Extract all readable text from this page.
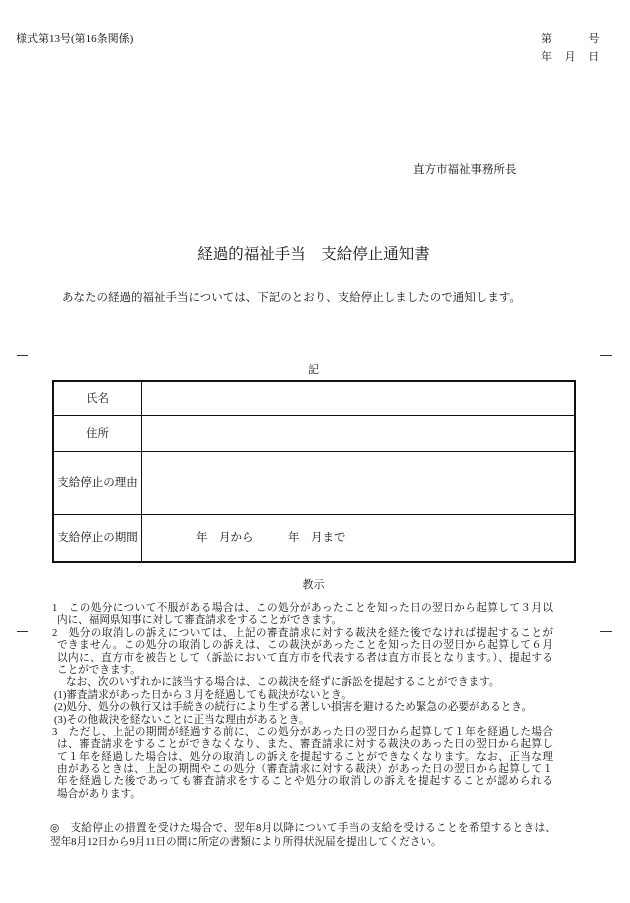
様式第13号(第16条関係)	第　　号
年　月　日
直方市福祉事務所長
経過的福祉手当　支給停止通知書
あなたの経過的福祉手当については、下記のとおり、支給停止しましたので通知します。
記
氏名
住所
支給停止の理由
支給停止の期間	年　月から	年　月まで
教示
1　この処分について不服がある場合は、この処分があったことを知った日の翌日から起算して３月以
内に、福岡県知事に対して審査請求をすることができます。
2　処分の取消しの訴えについては、上記の審査請求に対する裁決を経た後でなければ提起することが
できません。この処分の取消しの訴えは、この裁決があったことを知った日の翌日から起算して６月
以内に、直方市を被告として（訴訟において直方市を代表する者は直方市長となります。）、提起する
ことができます。
なお、次のいずれかに該当する場合は、この裁決を経ずに訴訟を提起することができます。
(1)審査請求があった日から３月を経過しても裁決がないとき。
(2)処分、処分の執行又は手続きの続行により生ずる著しい損害を避けるため緊急の必要があるとき。
(3)その他裁決を経ないことに正当な理由があるとき。
3　ただし、上記の期間が経過する前に、この処分があった日の翌日から起算して１年を経過した場合
は、審査請求をすることができなくなり、また、審査請求に対する裁決のあった日の翌日から起算し
て１年を経過した場合は、処分の取消しの訴えを提起することができなくなります。なお、正当な理
由があるときは、上記の期間やこの処分（審査請求に対する裁決）があった日の翌日から起算して１
年を経過した後であっても審査請求をすることや処分の取消しの訴えを提起することが認められる
場合があります。
◎　支給停止の措置を受けた場合で、翌年8月以降について手当の支給を受けることを希望するときは、
翌年8月12日から9月11日の間に所定の書類により所得状況届を提出してください。
